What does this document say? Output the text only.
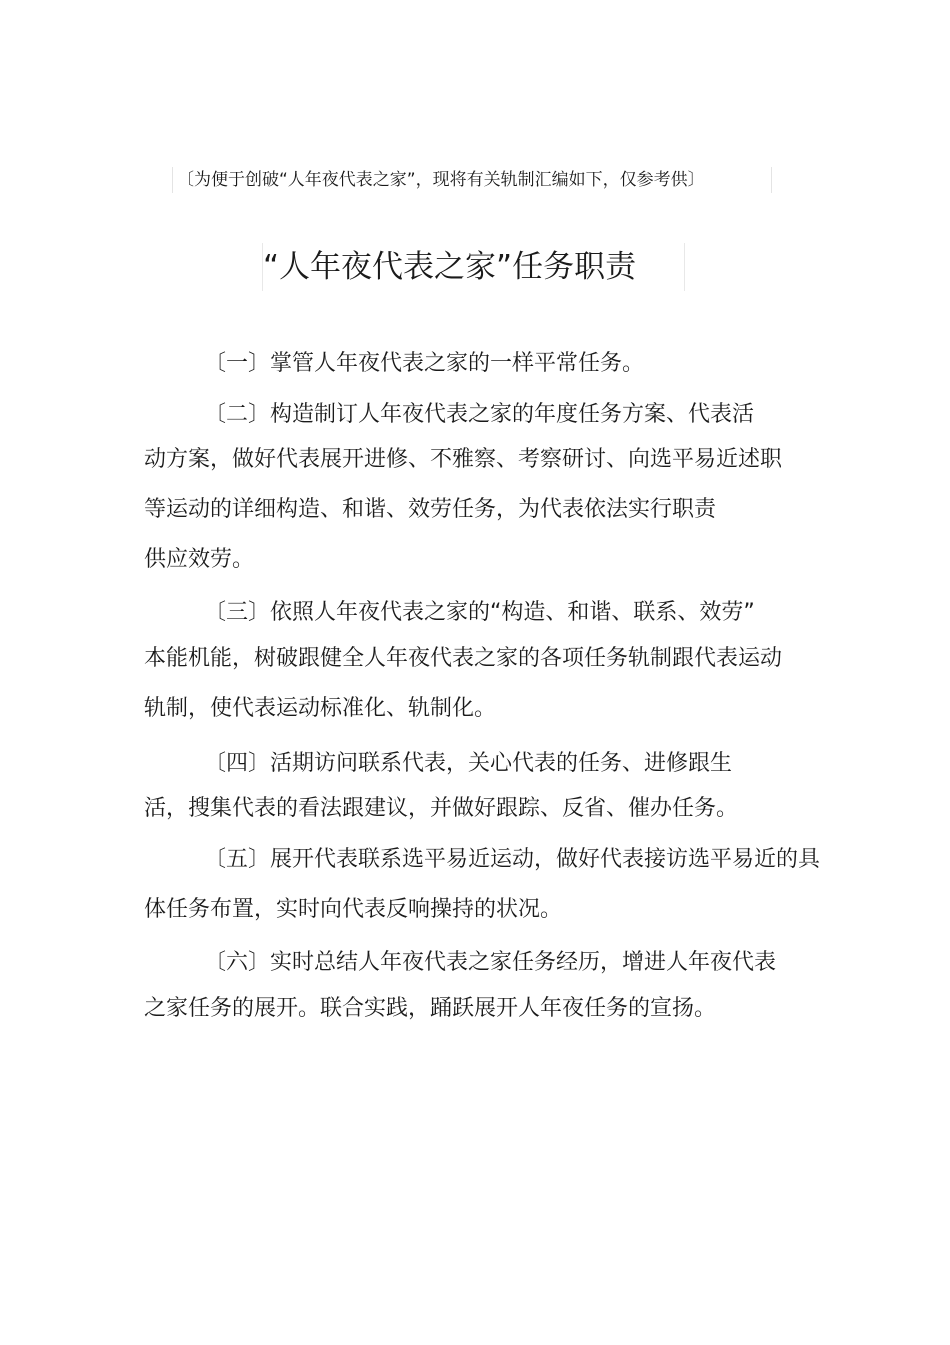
〔为便于创破“人年夜代表之家”，现将有关轨制汇编如下，仅参考供〕
“人年夜代表之家”任务职责
〔一〕掌管人年夜代表之家的一样平常任务。
〔二〕构造制订人年夜代表之家的年度任务方案、代表活
动方案，做好代表展开进修、不雅察、考察研讨、向选平易近述职
等运动的详细构造、和谐、效劳任务，为代表依法实行职责
供应效劳。
〔三〕依照人年夜代表之家的“构造、和谐、联系、效劳”
本能机能，树破跟健全人年夜代表之家的各项任务轨制跟代表运动
轨制，使代表运动标准化、轨制化。
〔四〕活期访问联系代表，关心代表的任务、进修跟生
活，搜集代表的看法跟建议，并做好跟踪、反省、催办任务。
〔五〕展开代表联系选平易近运动，做好代表接访选平易近的具
体任务布置，实时向代表反响操持的状况。
〔六〕实时总结人年夜代表之家任务经历，增进人年夜代表
之家任务的展开。联合实践，踊跃展开人年夜任务的宣扬。
